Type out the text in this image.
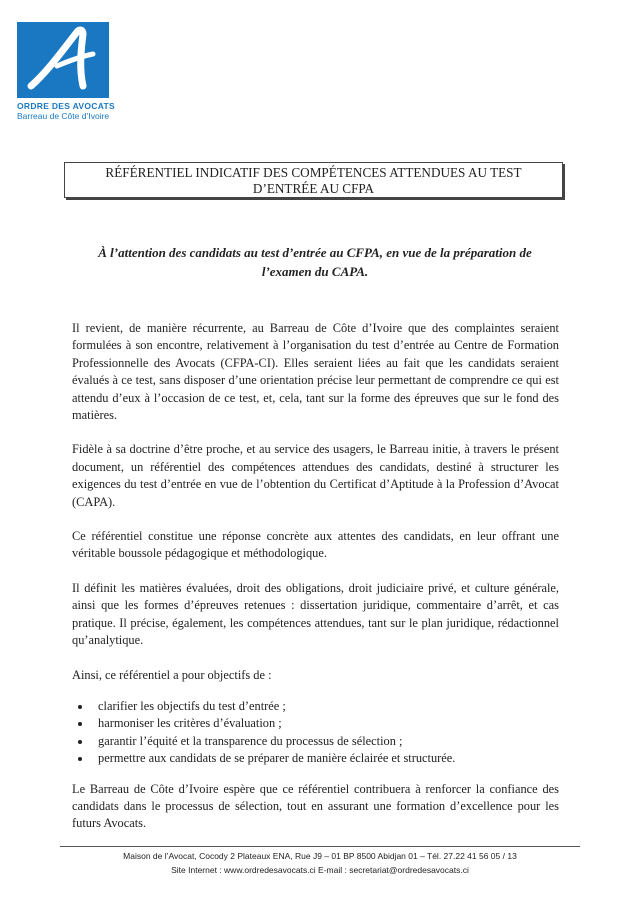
ORDRE DES AVOCATS
Barreau de Côte d’Ivoire
RÉFÉRENTIEL INDICATIF DES COMPÉTENCES ATTENDUES AU TEST
D’ENTRÉE AU CFPA
À l’attention des candidats au test d’entrée au CFPA, en vue de la préparation de
l’examen du CAPA.

Il revient, de manière récurrente, au Barreau de Côte d’Ivoire que des complaintes seraient formulées à son encontre, relativement à l’organisation du test d’entrée au Centre de Formation Professionnelle des Avocats (CFPA-CI). Elles seraient liées au fait que les candidats seraient évalués à ce test, sans disposer d’une orientation précise leur permettant de comprendre ce qui est attendu d’eux à l’occasion de ce test, et, cela, tant sur la forme des épreuves que sur le fond des matières.

Fidèle à sa doctrine d’être proche, et au service des usagers, le Barreau initie, à travers le présent document, un référentiel des compétences attendues des candidats, destiné à structurer les exigences du test d’entrée en vue de l’obtention du Certificat d’Aptitude à la Profession d’Avocat (CAPA).

Ce référentiel constitue une réponse concrète aux attentes des candidats, en leur offrant une véritable boussole pédagogique et méthodologique.

Il définit les matières évaluées, droit des obligations, droit judiciaire privé, et culture générale, ainsi que les formes d’épreuves retenues : dissertation juridique, commentaire d’arrêt, et cas pratique. Il précise, également, les compétences attendues, tant sur le plan juridique, rédactionnel qu’analytique.

Ainsi, ce référentiel a pour objectifs de :

• clarifier les objectifs du test d’entrée ;
• harmoniser les critères d’évaluation ;
• garantir l’équité et la transparence du processus de sélection ;
• permettre aux candidats de se préparer de manière éclairée et structurée.

Le Barreau de Côte d’Ivoire espère que ce référentiel contribuera à renforcer la confiance des candidats dans le processus de sélection, tout en assurant une formation d’excellence pour les futurs Avocats.

Maison de l’Avocat, Cocody 2 Plateaux ENA, Rue J9 – 01 BP 8500 Abidjan 01 – Tél. 27.22 41 56 05 / 13
Site Internet : www.ordredesavocats.ci E-mail : secretariat@ordredesavocats.ci
